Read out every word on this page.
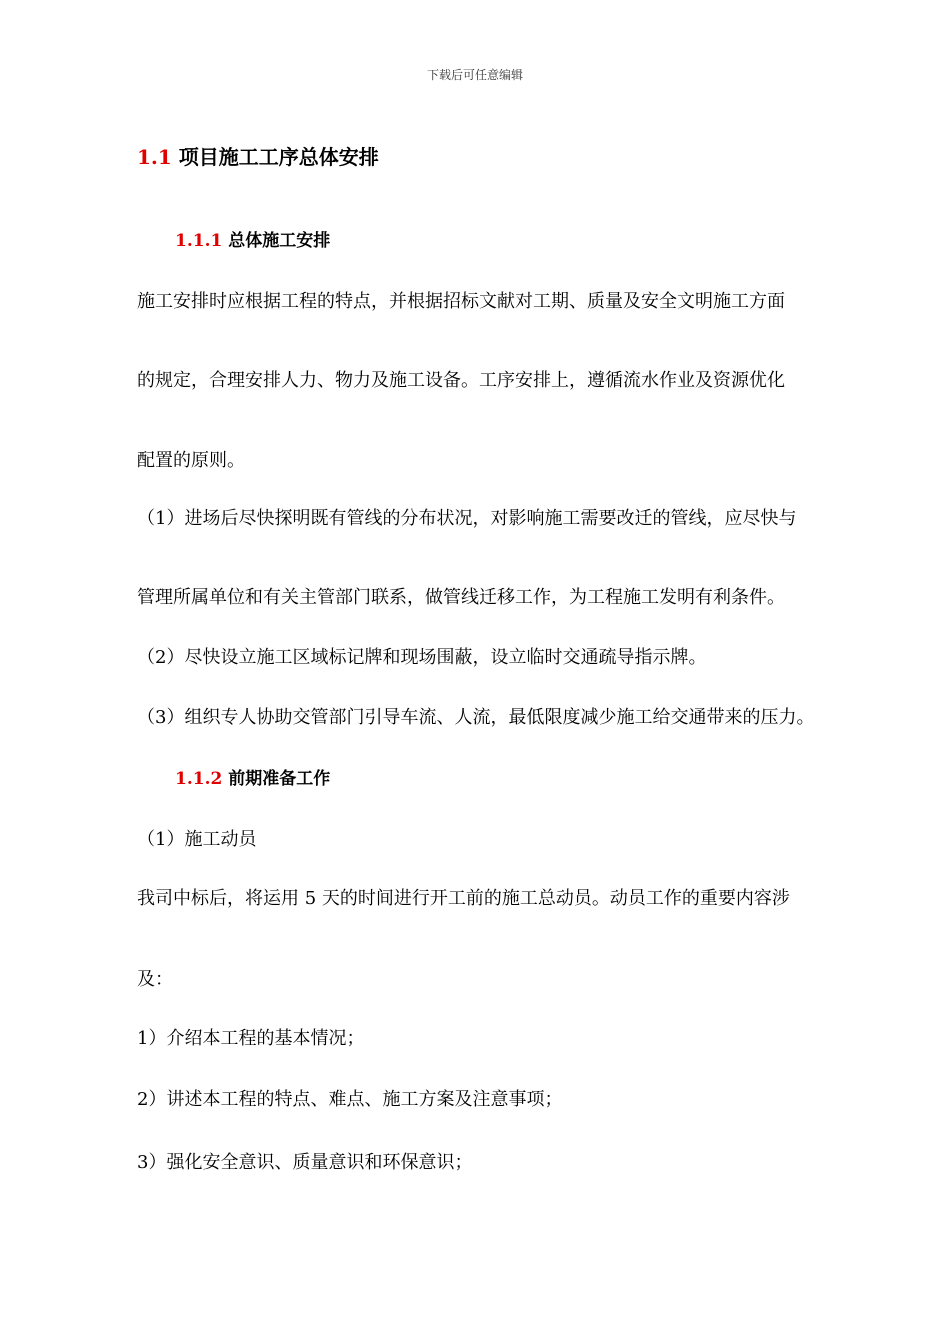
下载后可任意编辑
1.1 项目施工工序总体安排
1.1.1 总体施工安排
施工安排时应根据工程的特点，并根据招标文献对工期、质量及安全文明施工方面
的规定，合理安排人力、物力及施工设备。工序安排上，遵循流水作业及资源优化
配置的原则。
（1）进场后尽快探明既有管线的分布状况，对影响施工需要改迁的管线，应尽快与
管理所属单位和有关主管部门联系，做管线迁移工作，为工程施工发明有利条件。
（2）尽快设立施工区域标记牌和现场围蔽，设立临时交通疏导指示牌。
（3）组织专人协助交管部门引导车流、人流，最低限度减少施工给交通带来的压力。
1.1.2 前期准备工作
（1）施工动员
我司中标后，将运用 5 天的时间进行开工前的施工总动员。动员工作的重要内容涉
及：
1）介绍本工程的基本情况；
2）讲述本工程的特点、难点、施工方案及注意事项；
3）强化安全意识、质量意识和环保意识；
